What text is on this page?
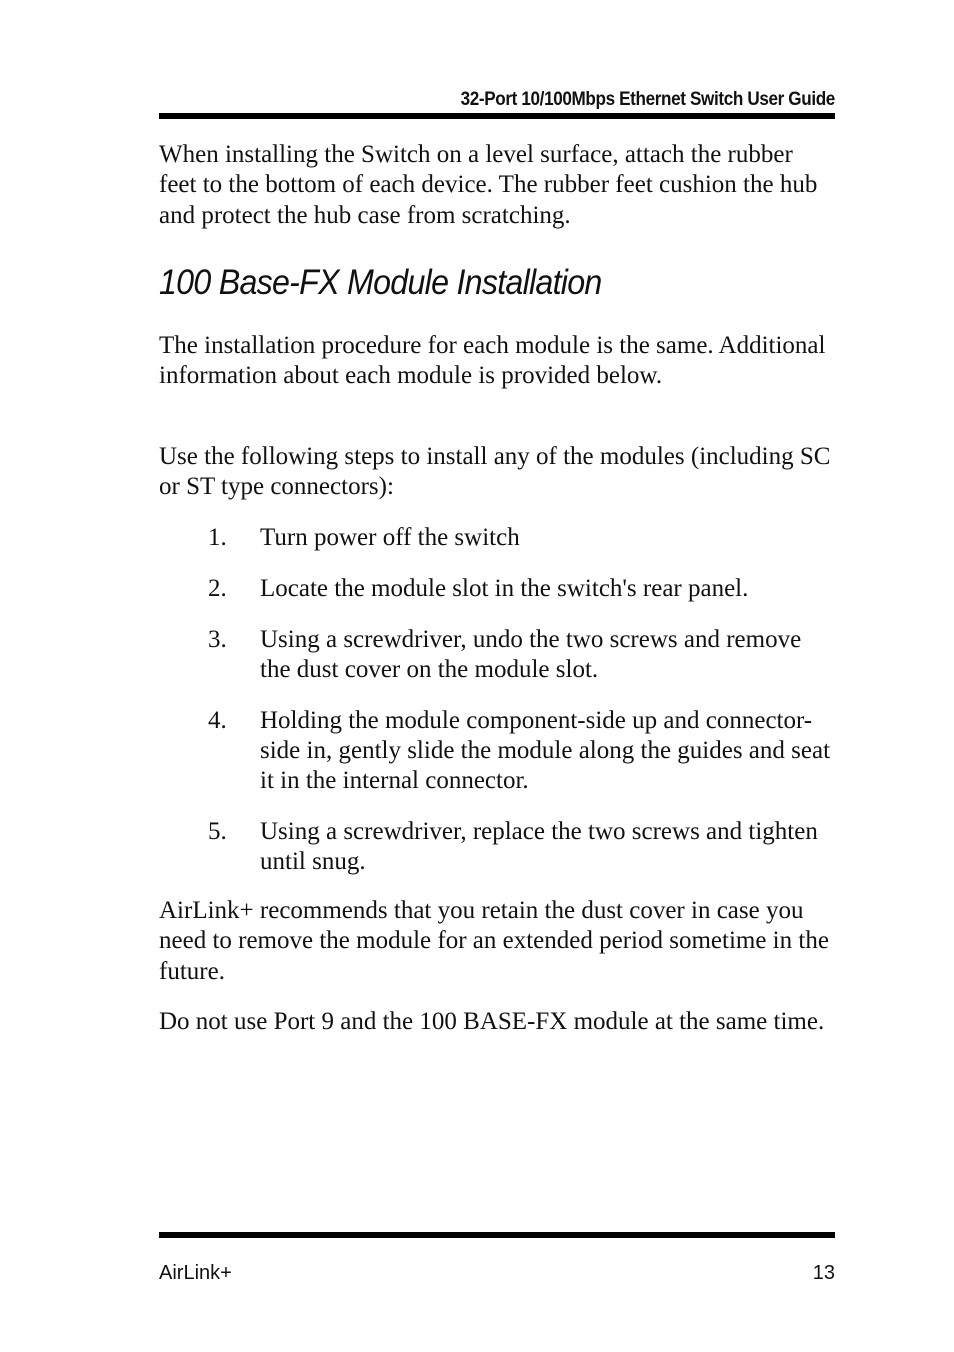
32-Port 10/100Mbps Ethernet Switch User Guide

When installing the Switch on a level surface, attach the rubber feet to the bottom of each device. The rubber feet cushion the hub and protect the hub case from scratching.

100 Base-FX Module Installation

The installation procedure for each module is the same. Additional information about each module is provided below.

Use the following steps to install any of the modules (including SC or ST type connectors):

1. Turn power off the switch
2. Locate the module slot in the switch's rear panel.
3. Using a screwdriver, undo the two screws and remove the dust cover on the module slot.
4. Holding the module component-side up and connector-side in, gently slide the module along the guides and seat it in the internal connector.
5. Using a screwdriver, replace the two screws and tighten until snug.

AirLink+ recommends that you retain the dust cover in case you need to remove the module for an extended period sometime in the future.

Do not use Port 9 and the 100 BASE-FX module at the same time.

AirLink+	13
